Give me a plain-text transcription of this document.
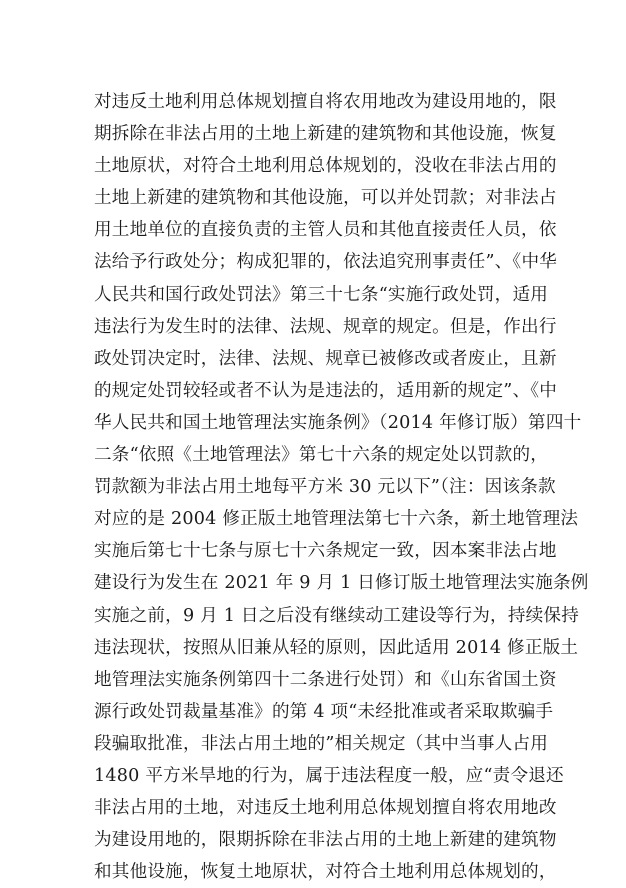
对违反土地利用总体规划擅自将农用地改为建设用地的，限
期拆除在非法占用的土地上新建的建筑物和其他设施，恢复
土地原状，对符合土地利用总体规划的，没收在非法占用的
土地上新建的建筑物和其他设施，可以并处罚款；对非法占
用土地单位的直接负责的主管人员和其他直接责任人员，依
法给予行政处分；构成犯罪的，依法追究刑事责任”、《中华
人民共和国行政处罚法》第三十七条“实施行政处罚，适用
违法行为发生时的法律、法规、规章的规定。但是，作出行
政处罚决定时，法律、法规、规章已被修改或者废止，且新
的规定处罚较轻或者不认为是违法的，适用新的规定”、《中
华人民共和国土地管理法实施条例》（2014 年修订版）第四十
二条“依照《土地管理法》第七十六条的规定处以罚款的，
罚款额为非法占用土地每平方米 30 元以下”（注：因该条款
对应的是 2004 修正版土地管理法第七十六条，新土地管理法
实施后第七十七条与原七十六条规定一致，因本案非法占地
建设行为发生在 2021 年 9 月 1 日修订版土地管理法实施条例
实施之前，9 月 1 日之后没有继续动工建设等行为，持续保持
违法现状，按照从旧兼从轻的原则，因此适用 2014 修正版土
地管理法实施条例第四十二条进行处罚）和《山东省国土资
源行政处罚裁量基准》的第 4 项“未经批准或者采取欺骗手
段骗取批准，非法占用土地的”相关规定（其中当事人占用
1480 平方米旱地的行为，属于违法程度一般，应“责令退还
非法占用的土地，对违反土地利用总体规划擅自将农用地改
为建设用地的，限期拆除在非法占用的土地上新建的建筑物
和其他设施，恢复土地原状，对符合土地利用总体规划的，
